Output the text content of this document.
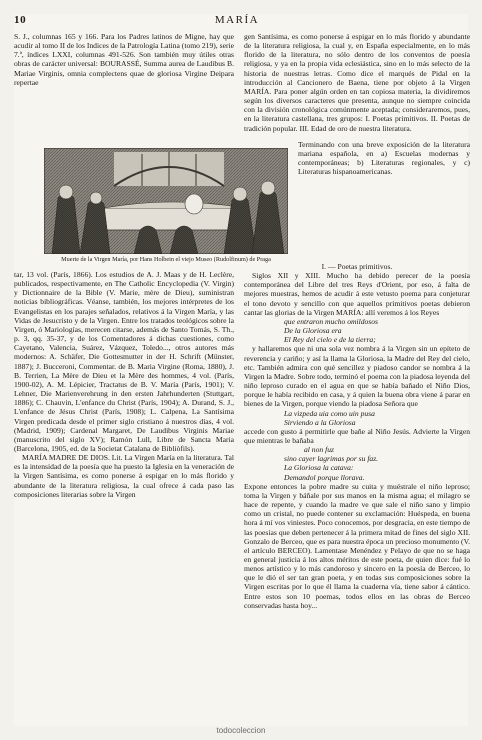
10	MARÍA

S. J., columnas 165 y 166. Para los Padres latinos de Migne, hay que acudir al tomo II de los Indices de la Patrología Latina (tomo 219), serie 7.ª, índices LXXI, columnas 491-526. Son también muy útiles otras obras de carácter universal: BOURASSÉ, Summa aurea de Laudibus B. Mariae Virginis, omnia complectens quae de gloriosa Virgine Deipara repertae

Muerte de la Virgen María, por Hans Holbein el viejo Museo (Rudolfinum) de Praga

tar, 13 vol. (París, 1866). Los estudios de A. J. Maas y de H. Leclère, publicados, respectivamente, en The Catholic Encyclopedia (V. Virgin) y Dictionnaire de la Bible (V. Marie, mère de Dieu), suministran noticias bibliográficas. Véanse, también, los mejores intérpretes de los Evangelistas en los parajes señalados, relativos á la Virgen María, y las Vidas de Jesucristo y de la Virgen. Entre los tratados teológicos sobre la Virgen, ó Mariologías, merecen citarse, además de Santo Tomás, S. Th., p. 3, qq. 35-37, y de los Comentadores á dichas cuestiones, como Cayetano, Valencia, Suárez, Vázquez, Toledo..., otros autores más modernos: A. Schäfer, Die Gottesmutter in der H. Schrift (Münster, 1887); J. Bucceroni, Commentar. de B. Maria Virgine (Roma, 1880), J. B. Terrien, La Mère de Dieu et la Mère des hommes, 4 vol. (París, 1900-02), A. M. Lépicier, Tractatus de B. V. María (París, 1901); V. Lehner, Die Marienverehrung in den ersten Jahrhunderten (Stuttgart, 1886); C. Chauvin, L'enfance du Christ (París, 1904); A. Durand, S. J., L'enfance de Jésus Christ (París, 1908); L. Calpena, La Santísima Virgen predicada desde el primer siglo cristiano á nuestros días, 4 vol. (Madrid, 1909); Cardenal Margaret, De Laudibus Virginis Mariae (manuscrito del siglo XV); Ramón Lull, Libre de Sancta Maria (Barcelona, 1905, ed. de la Societat Catalana de Bibliòfils).

MARÍA MADRE DE DIOS. Lit. La Virgen María en la literatura. Tal es la intensidad de la poesía que ha puesto la Iglesia en la veneración de la Virgen Santísima, es como ponerse á espigar en lo más florido y abundante de la literatura religiosa, la cual ofrece á cada paso las composiciones literarias sobre la Virgen

gen Santísima, es como ponerse á espigar en lo más florido y abundante de la literatura religiosa, la cual y, en España especialmente, en lo más florido de la literatura, no sólo dentro de los conventos de poesía religiosa, y ya en la propia vida eclesiástica, sino en lo más selecto de la historia de nuestras letras. Como dice el marqués de Pidal en la introducción al Cancionero de Baena, tiene por objeto á la Virgen MARÍA. Para poner algún orden en tan copiosa materia, la dividiremos según los diversos caracteres que presenta, aunque no siempre coincida con la división cronológica comúnmente aceptada; consideraremos, pues, en la literatura castellana, tres grupos: I. Poetas primitivos. II. Poetas de tradición popular. III. Edad de oro de nuestra literatura.

Terminando con una breve exposición de la literatura mariana española, en a) Escuelas modernas y contemporáneas; b) Literaturas regionales, y c) Literaturas hispanoamericanas.

I. — Poetas primitivos.

Siglos XII y XIII. Mucho ha debido perecer de la poesía contemporánea del Libre del tres Reys d'Orient, por eso, á falta de mejores muestras, hemos de acudir á este vetusto poema para conjeturar el tono devoto y sencillo con que aquellos primitivos poetas debieron cantar las glorias de la Virgen MARÍA: allí veremos á los Reyes

que entraron mucho omildosos

De la Gloriosa era

El Rey del cielo e de la tierra;

y hallaremos que ni una sola vez nombra á la Virgen sin un epíteto de reverencia y cariño; y así la llama la Gloriosa, la Madre del Rey del cielo, etc. También admira con qué sencillez y piadoso candor se nombra á la Virgen la Madre. Sobre todo, terminó el poema con la piadosa leyenda del niño leproso curado en el agua en que se había bañado el Niño Dios, porque le había recibido en casa, y á quien la buena obra viene á parar en bienes de la Virgen, porque viendo la piadosa Señora que

La vizpeda uia como uin pusa

Sirviendo a la Gloriosa

accede con gusto á permitirle que bañe al Niño Jesús. Advierte la Virgen que mientras le bañaba

al non fuz

sino cayer lagrimas por su faz.

La Gloriosa la catava:

Demandol porque llorava.

Expone entonces la pobre madre su cuita y muéstrale el niño leproso; toma la Virgen y báñale por sus manos en la misma agua; el milagro se hace de repente, y cuando la madre ve que sale el niño sano y limpio como un cristal, no puede contener su exclamación: Huéspeda, en buena hora á mí vos viniestes. Poco conocemos, por desgracia, en este tiempo de las poesías que deben pertenecer á la primera mitad de fines del siglo XII. Gonzalo de Berceo, que es para nuestra época un precioso monumento (V. el artículo BERCEO). Lamentase Menéndez y Pelayo de que no se haga en general justicia á los altos méritos de este poeta, de quien dice: fué lo menos artístico y lo más candoroso y sincero en la poesía de Berceo, lo que le dió el ser tan gran poeta, y en todas sus composiciones sobre la Virgen escritas por lo que él llama la cuaderna vía, tiene sabor á cántico. Entre estos son 10 poemas, todos ellos en las obras de Berceo conservadas hasta hoy...

todocoleccion
